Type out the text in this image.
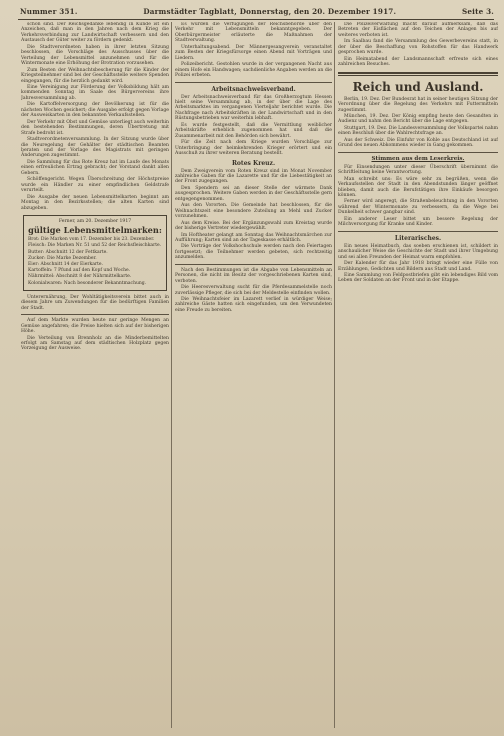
Nummer 351.	Darmstädter Tagblatt, Donnerstag, den 20. Dezember 1917.	Seite 3.

schön sind. Der Reichsgedanke lebendig in Kunde ist ein Anzeichen, daß man in den Jahren nach dem Krieg die Verkehrsverbindung zur Landwirtschaft verbessern und den Austausch der Güter weiter zu fördern gedenkt.

Die Stadtverordneten haben in ihrer letzten Sitzung beschlossen, die Vorschläge des Ausschusses über die Verteilung der Lebensmittel anzunehmen und für die Wintermonate eine Erhöhung der Brotration vorzusehen.

Zum Besten der Weihnachtsbescherung für die Kinder der Kriegsteilnehmer sind bei der Geschäftsstelle weitere Spenden eingegangen, für die herzlich gedankt wird.

Eine Vereinigung zur Förderung der Volksbildung hält am kommenden Sonntag im Saale des Bürgervereins ihre Jahresversammlung ab.

Die Kartoffelversorgung der Bevölkerung ist für die nächsten Wochen gesichert; die Ausgabe erfolgt gegen Vorlage der Ausweiskarten in den bekannten Verkaufsstellen.

Der Verkehr mit Obst und Gemüse unterliegt auch weiterhin den bestehenden Bestimmungen, deren Übertretung mit Strafe bedroht ist.

Stadtverordnetenversammlung. In der Sitzung wurde über die Neuregelung der Gehälter der städtischen Beamten beraten und der Vorlage des Magistrats mit geringen Änderungen zugestimmt.

Die Sammlung für das Rote Kreuz hat im Laufe des Monats einen erfreulichen Ertrag gebracht; der Vorstand dankt allen Gebern.

Schöffengericht. Wegen Überschreitung der Höchstpreise wurde ein Händler zu einer empfindlichen Geldstrafe verurteilt.

Die Ausgabe der neuen Lebensmittelkarten beginnt am Montag in den Bezirksstellen; die alten Karten sind abzugeben.

Ferner, am 20. Dezember 1917
gültige Lebensmittelmarken:
Brot: Die Marken vom 17. Dezember bis 23. Dezember.
Fleisch: Die Marken Nr. 51 und 52 der Reichsfleischkarte.
Butter: Abschnitt 12 der Fettkarte.
Zucker: Die Marke Dezember.
Eier: Abschnitt 14 der Eierkarte.
Kartoffeln: 7 Pfund auf den Kopf und Woche.
Nährmittel: Abschnitt 8 der Nährmittelkarte.
Kolonialwaren: Nach besonderer Bekanntmachung.

Unterernährung. Der Wohltätigkeitsverein bittet auch in diesem Jahre um Zuwendungen für die bedürftigen Familien der Stadt.

Auf dem Markte wurden heute nur geringe Mengen an Gemüse angefahren; die Preise hielten sich auf der bisherigen Höhe.

Die Verteilung von Brennholz an die Minderbemittelten erfolgt am Samstag auf dem städtischen Holzplatz gegen Vorzeigung der Ausweise.

Es wurden die Verfügungen der Reichsbehörde über den Verkehr mit Lebensmitteln bekanntgegeben. Der Oberbürgermeister erläuterte die Maßnahmen der Stadtverwaltung.

Unterhaltungsabend. Der Männergesangverein veranstaltet zum Besten der Kriegsfürsorge einen Abend mit Vorträgen und Liedern.

Polizeibericht. Gestohlen wurde in der vergangenen Nacht aus einem Hofe ein Handwagen; sachdienliche Angaben werden an die Polizei erbeten.

Arbeitsnachweisverband.

Der Arbeitsnachweisverband für das Großherzogtum Hessen hielt seine Versammlung ab, in der über die Lage des Arbeitsmarktes im vergangenen Vierteljahr berichtet wurde. Die Nachfrage nach Arbeitskräften in der Landwirtschaft und in den Rüstungsbetrieben war weiterhin lebhaft.

Es wurde festgestellt, daß die Vermittlung weiblicher Arbeitskräfte erheblich zugenommen hat und daß die Zusammenarbeit mit den Behörden sich bewährt.

Für die Zeit nach dem Kriege wurden Vorschläge zur Unterbringung der heimkehrenden Krieger erörtert und ein Ausschuß zu ihrer weiteren Beratung bestellt.

Rotes Kreuz.

Dem Zweigverein vom Roten Kreuz sind im Monat November zahlreiche Gaben für die Lazarette und für die Liebestätigkeit an der Front zugegangen.

Den Spendern sei an dieser Stelle der wärmste Dank ausgesprochen. Weitere Gaben werden in der Geschäftsstelle gern entgegengenommen.

Aus den Vororten. Die Gemeinde hat beschlossen, für die Weihnachtszeit eine besondere Zuteilung an Mehl und Zucker vorzunehmen.

Aus dem Kreise. Bei der Ergänzungswahl zum Kreistag wurde der bisherige Vertreter wiedergewählt.

Im Hoftheater gelangt am Sonntag das Weihnachtsmärchen zur Aufführung; Karten sind an der Tageskasse erhältlich.

Die Vorträge der Volkshochschule werden nach den Feiertagen fortgesetzt; die Teilnehmer werden gebeten, sich rechtzeitig anzumelden.

Nach den Bestimmungen ist die Abgabe von Lebensmitteln an Personen, die nicht im Besitz der vorgeschriebenen Karten sind, verboten.

Die Heeresverwaltung sucht für die Pferdesammelstelle noch zuverlässige Pfleger, die sich bei der Meldestelle einfinden wollen.

Die Weihnachtsfeier im Lazarett verlief in würdiger Weise; zahlreiche Gäste hatten sich eingefunden, um den Verwundeten eine Freude zu bereiten.

Die Polizeiverwaltung macht darauf aufmerksam, daß das Betreten der Eisflächen auf den Teichen der Anlagen bis auf weiteres verboten ist.

Im Saalbau fand die Versammlung des Gewerbevereins statt, in der über die Beschaffung von Rohstoffen für das Handwerk gesprochen wurde.

Ein Heimatabend der Landsmannschaft erfreute sich eines zahlreichen Besuches.

Reich und Ausland.

Berlin, 19. Dez. Der Bundesrat hat in seiner heutigen Sitzung der Verordnung über die Regelung des Verkehrs mit Futtermitteln zugestimmt.

München, 19. Dez. Der König empfing heute den Gesandten in Audienz und nahm den Bericht über die Lage entgegen.

Stuttgart, 19. Dez. Die Landesversammlung der Volkspartei nahm einen Beschluß über die Wahlrechtsfrage an.

Aus der Schweiz. Die Einfuhr von Kohle aus Deutschland ist auf Grund des neuen Abkommens wieder in Gang gekommen.

Stimmen aus dem Leserkreis.

Für Einsendungen unter dieser Überschrift übernimmt die Schriftleitung keine Verantwortung.

Man schreibt uns: Es wäre sehr zu begrüßen, wenn die Verkaufsstellen der Stadt in den Abendstunden länger geöffnet blieben, damit auch die Berufstätigen ihre Einkäufe besorgen können.

Ferner wird angeregt, die Straßenbeleuchtung in den Vororten während der Wintermonate zu verbessern, da die Wege bei Dunkelheit schwer gangbar sind.

Ein anderer Leser bittet um bessere Regelung der Milchversorgung für Kranke und Kinder.

Literarisches.

Ein neues Heimatbuch, das soeben erschienen ist, schildert in anschaulicher Weise die Geschichte der Stadt und ihrer Umgebung und sei allen Freunden der Heimat warm empfohlen.

Der Kalender für das Jahr 1918 bringt wieder eine Fülle von Erzählungen, Gedichten und Bildern aus Stadt und Land.

Eine Sammlung von Feldpostbriefen gibt ein lebendiges Bild vom Leben der Soldaten an der Front und in der Etappe.
